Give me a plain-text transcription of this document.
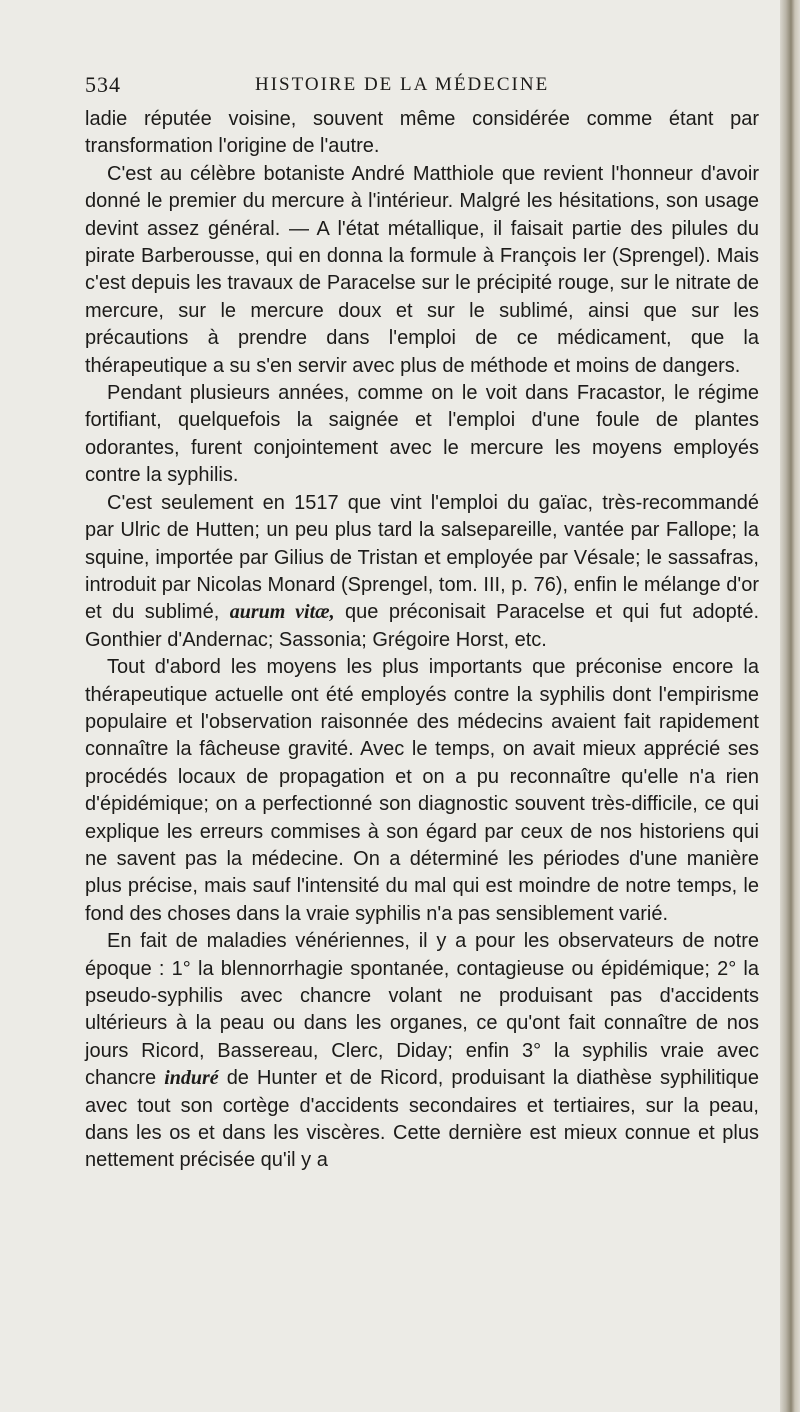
534	HISTOIRE DE LA MÉDECINE

ladie réputée voisine, souvent même considérée comme étant par transformation l'origine de l'autre.

C'est au célèbre botaniste André Matthiole que revient l'honneur d'avoir donné le premier du mercure à l'intérieur. Malgré les hésitations, son usage devint assez général. — A l'état métallique, il faisait partie des pilules du pirate Barberousse, qui en donna la formule à François Ier (Sprengel). Mais c'est depuis les travaux de Paracelse sur le précipité rouge, sur le nitrate de mercure, sur le mercure doux et sur le sublimé, ainsi que sur les précautions à prendre dans l'emploi de ce médicament, que la thérapeutique a su s'en servir avec plus de méthode et moins de dangers.

Pendant plusieurs années, comme on le voit dans Fracastor, le régime fortifiant, quelquefois la saignée et l'emploi d'une foule de plantes odorantes, furent conjointement avec le mercure les moyens employés contre la syphilis.

C'est seulement en 1517 que vint l'emploi du gaïac, très-recommandé par Ulric de Hutten; un peu plus tard la salsepareille, vantée par Fallope; la squine, importée par Gilius de Tristan et employée par Vésale; le sassafras, introduit par Nicolas Monard (Sprengel, tom. III, p. 76), enfin le mélange d'or et du sublimé, aurum vitæ, que préconisait Paracelse et qui fut adopté. Gonthier d'Andernac; Sassonia; Grégoire Horst, etc.

Tout d'abord les moyens les plus importants que préconise encore la thérapeutique actuelle ont été employés contre la syphilis dont l'empirisme populaire et l'observation raisonnée des médecins avaient fait rapidement connaître la fâcheuse gravité. Avec le temps, on avait mieux apprécié ses procédés locaux de propagation et on a pu reconnaître qu'elle n'a rien d'épidémique; on a perfectionné son diagnostic souvent très-difficile, ce qui explique les erreurs commises à son égard par ceux de nos historiens qui ne savent pas la médecine. On a déterminé les périodes d'une manière plus précise, mais sauf l'intensité du mal qui est moindre de notre temps, le fond des choses dans la vraie syphilis n'a pas sensiblement varié.

En fait de maladies vénériennes, il y a pour les observateurs de notre époque : 1° la blennorrhagie spontanée, contagieuse ou épidémique; 2° la pseudo-syphilis avec chancre volant ne produisant pas d'accidents ultérieurs à la peau ou dans les organes, ce qu'ont fait connaître de nos jours Ricord, Bassereau, Clerc, Diday; enfin 3° la syphilis vraie avec chancre induré de Hunter et de Ricord, produisant la diathèse syphilitique avec tout son cortège d'accidents secondaires et tertiaires, sur la peau, dans les os et dans les viscères. Cette dernière est mieux connue et plus nettement précisée qu'il y a
